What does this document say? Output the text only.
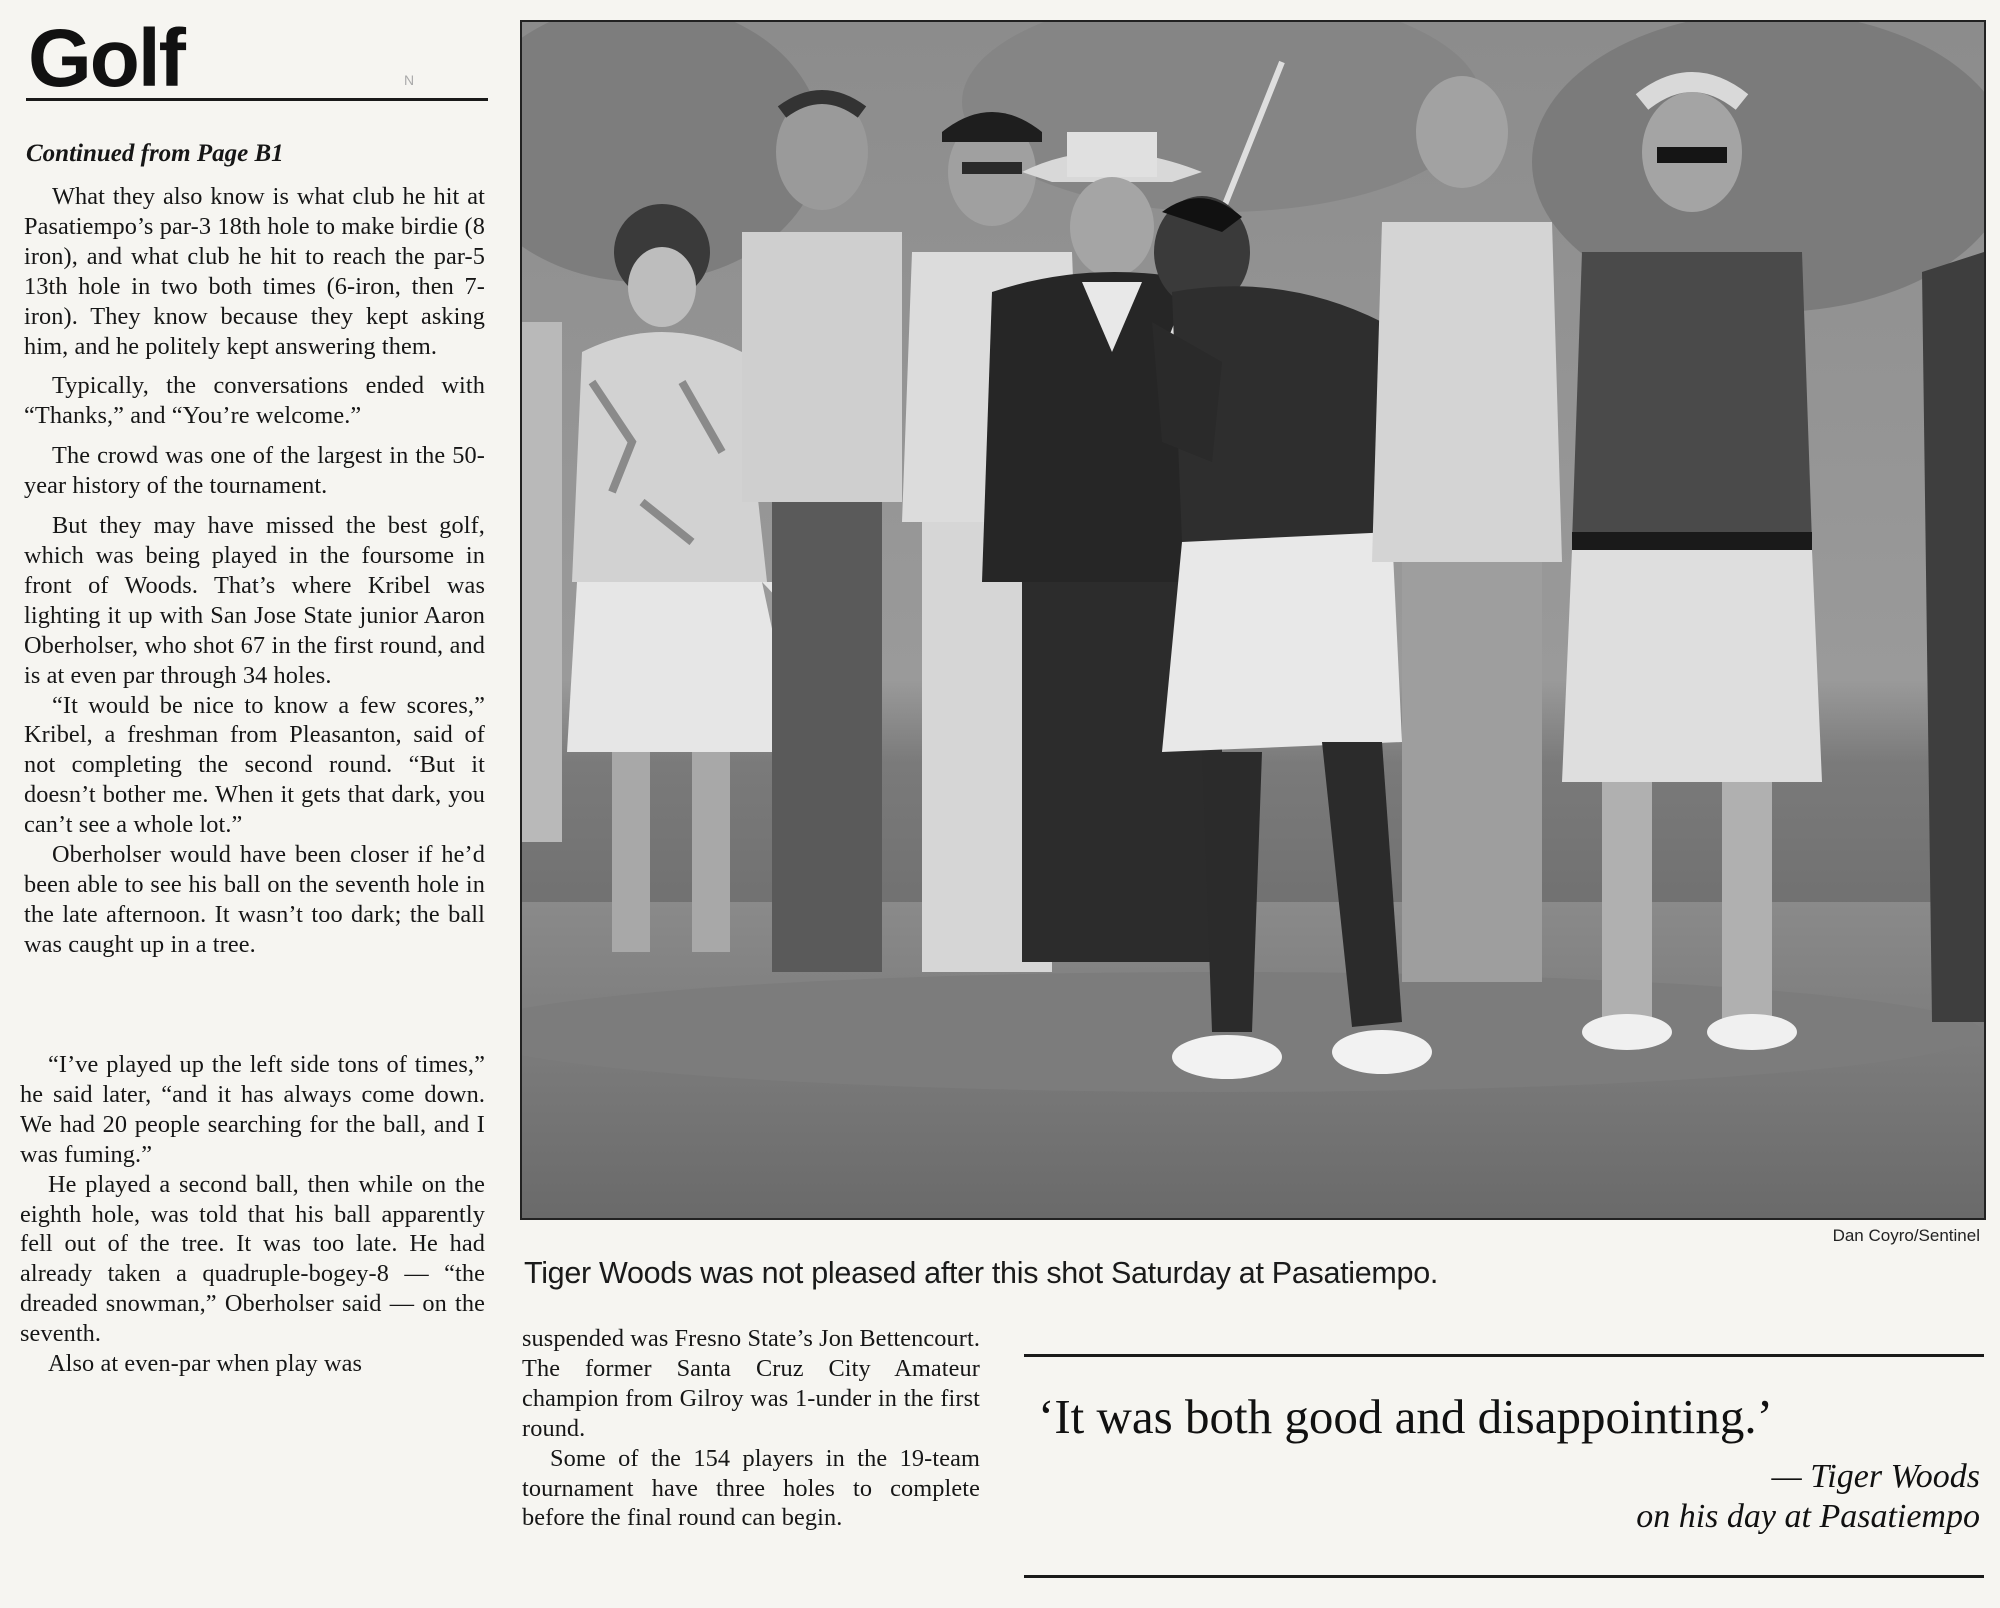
Golf	N
Continued from Page B1

What they also know is what club he hit at Pasatiempo’s par-3 18th hole to make birdie (8 iron), and what club he hit to reach the par-5 13th hole in two both times (6-iron, then 7-iron). They know because they kept asking him, and he politely kept answering them.

Typically, the conversations ended with “Thanks,” and “You’re welcome.”

The crowd was one of the largest in the 50-year history of the tournament.

But they may have missed the best golf, which was being played in the foursome in front of Woods. That’s where Kribel was lighting it up with San Jose State junior Aaron Oberholser, who shot 67 in the first round, and is at even par through 34 holes.

“It would be nice to know a few scores,” Kribel, a freshman from Pleasanton, said of not completing the second round. “But it doesn’t bother me. When it gets that dark, you can’t see a whole lot.”

Oberholser would have been closer if he’d been able to see his ball on the seventh hole in the late afternoon. It wasn’t too dark; the ball was caught up in a tree.

“I’ve played up the left side tons of times,” he said later, “and it has always come down. We had 20 people searching for the ball, and I was fuming.”

He played a second ball, then while on the eighth hole, was told that his ball apparently fell out of the tree. It was too late. He had already taken a quadruple-bogey-8 — “the dreaded snowman,” Oberholser said — on the seventh.

Also at even-par when play was

Dan Coyro/Sentinel
Tiger Woods was not pleased after this shot Saturday at Pasatiempo.

suspended was Fresno State’s Jon Bettencourt. The former Santa Cruz City Amateur champion from Gilroy was 1-under in the first round.

Some of the 154 players in the 19-team tournament have three holes to complete before the final round can begin.

‘It was both good and disappointing.’
— Tiger Woods
on his day at Pasatiempo
